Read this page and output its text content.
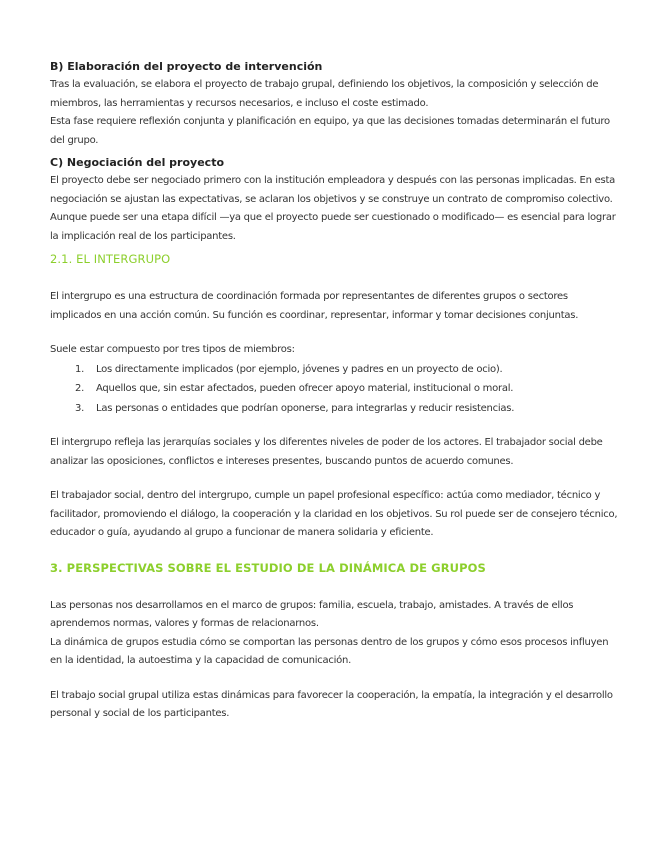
B) Elaboración del proyecto de intervención

Tras la evaluación, se elabora el proyecto de trabajo grupal, definiendo los objetivos, la composición y selección de miembros, las herramientas y recursos necesarios, e incluso el coste estimado.

Esta fase requiere reflexión conjunta y planificación en equipo, ya que las decisiones tomadas determinarán el futuro del grupo.

C) Negociación del proyecto

El proyecto debe ser negociado primero con la institución empleadora y después con las personas implicadas. En esta negociación se ajustan las expectativas, se aclaran los objetivos y se construye un contrato de compromiso colectivo.

Aunque puede ser una etapa difícil —ya que el proyecto puede ser cuestionado o modificado— es esencial para lograr la implicación real de los participantes.

2.1. EL INTERGRUPO

El intergrupo es una estructura de coordinación formada por representantes de diferentes grupos o sectores implicados en una acción común. Su función es coordinar, representar, informar y tomar decisiones conjuntas.

Suele estar compuesto por tres tipos de miembros:

1. Los directamente implicados (por ejemplo, jóvenes y padres en un proyecto de ocio).
2. Aquellos que, sin estar afectados, pueden ofrecer apoyo material, institucional o moral.
3. Las personas o entidades que podrían oponerse, para integrarlas y reducir resistencias.

El intergrupo refleja las jerarquías sociales y los diferentes niveles de poder de los actores. El trabajador social debe analizar las oposiciones, conflictos e intereses presentes, buscando puntos de acuerdo comunes.

El trabajador social, dentro del intergrupo, cumple un papel profesional específico: actúa como mediador, técnico y facilitador, promoviendo el diálogo, la cooperación y la claridad en los objetivos. Su rol puede ser de consejero técnico, educador o guía, ayudando al grupo a funcionar de manera solidaria y eficiente.

3. PERSPECTIVAS SOBRE EL ESTUDIO DE LA DINÁMICA DE GRUPOS

Las personas nos desarrollamos en el marco de grupos: familia, escuela, trabajo, amistades. A través de ellos aprendemos normas, valores y formas de relacionarnos.

La dinámica de grupos estudia cómo se comportan las personas dentro de los grupos y cómo esos procesos influyen en la identidad, la autoestima y la capacidad de comunicación.

El trabajo social grupal utiliza estas dinámicas para favorecer la cooperación, la empatía, la integración y el desarrollo personal y social de los participantes.
